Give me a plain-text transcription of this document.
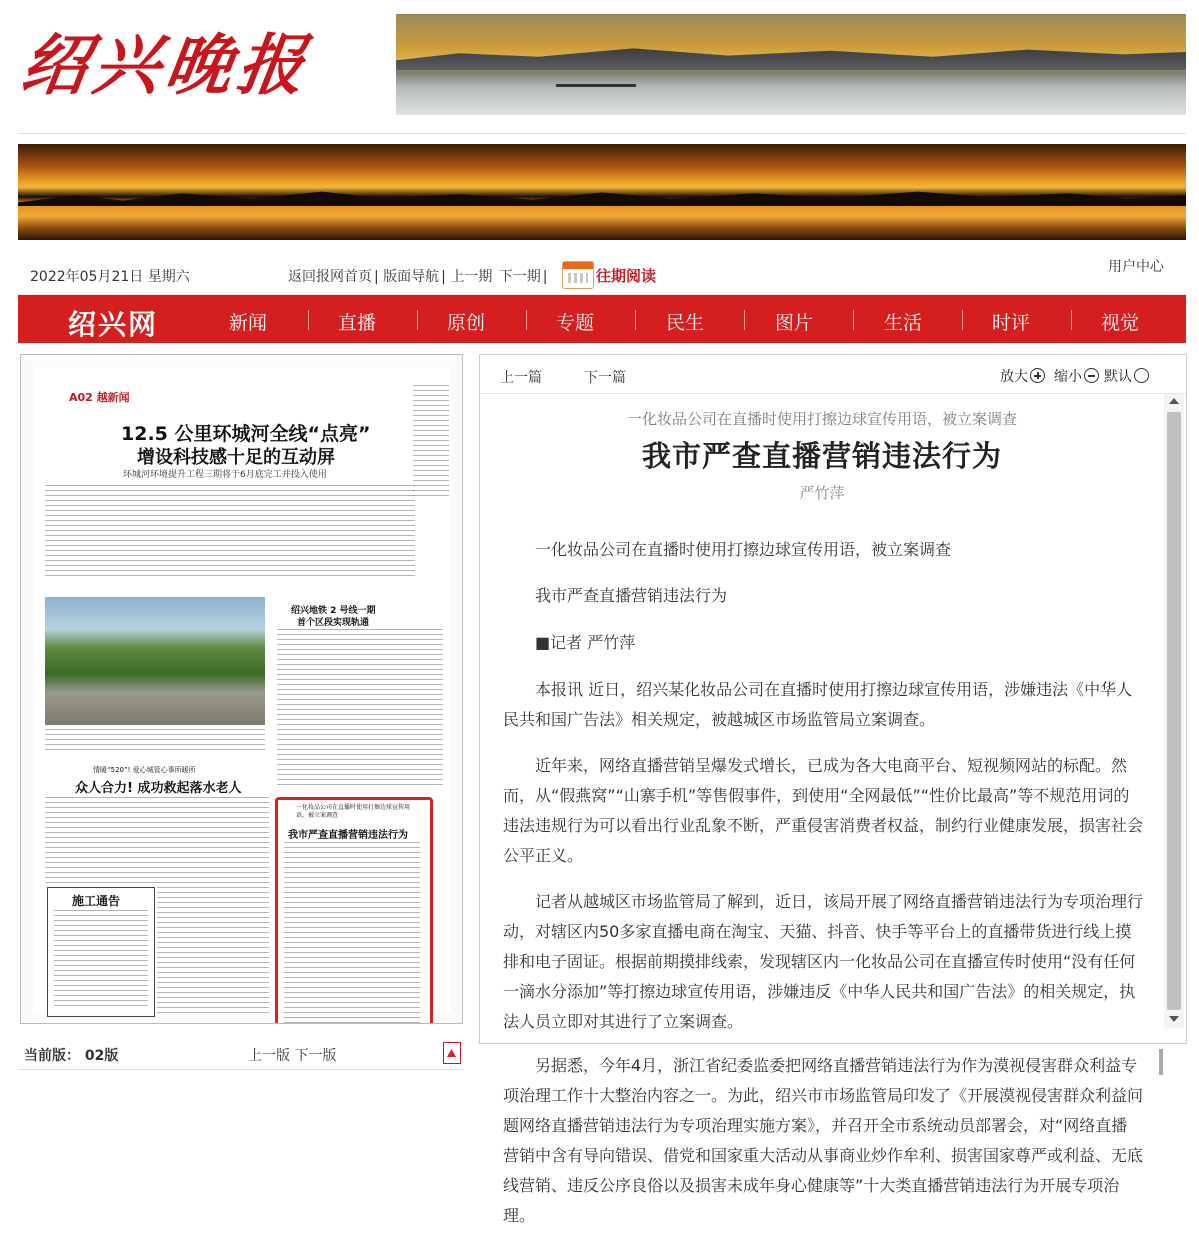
绍兴晚报
2022年05月21日 星期六	返回报网首页 | 版面导航 | 上一期 下一期 |	往期阅读	用户中心
绍兴网	新闻	直播	原创	专题	民生	图片	生活	时评	视觉
A02 越新闻
12.5 公里环城河全线“点亮”
增设科技感十足的互动屏
环城河环境提升工程三期将于6月底完工并投入使用
绍兴地铁 2 号线一期
首个区段实现轨通
情暖“520”! 爱心城管心事所暖所
众人合力! 成功救起落水老人
施工通告
一化妆品公司在直播时使用打擦边球宣传用语，被立案调查
我市严查直播营销违法行为
当前版： 02版	上一版 下一版
上一篇	下一篇	放大	缩小	默认
一化妆品公司在直播时使用打擦边球宣传用语，被立案调查
我市严查直播营销违法行为
严竹萍
一化妆品公司在直播时使用打擦边球宣传用语，被立案调查
我市严查直播营销违法行为
■记者 严竹萍
本报讯 近日，绍兴某化妆品公司在直播时使用打擦边球宣传用语，涉嫌违法《中华人民共和国广告法》相关规定，被越城区市场监管局立案调查。
近年来，网络直播营销呈爆发式增长，已成为各大电商平台、短视频网站的标配。然而，从“假燕窝”“山寨手机”等售假事件，到使用“全网最低”“性价比最高”等不规范用词的违法违规行为可以看出行业乱象不断，严重侵害消费者权益，制约行业健康发展，损害社会公平正义。
记者从越城区市场监管局了解到，近日，该局开展了网络直播营销违法行为专项治理行动，对辖区内50多家直播电商在淘宝、天猫、抖音、快手等平台上的直播带货进行线上摸排和电子固证。根据前期摸排线索，发现辖区内一化妆品公司在直播宣传时使用“没有任何一滴水分添加”等打擦边球宣传用语，涉嫌违反《中华人民共和国广告法》的相关规定，执法人员立即对其进行了立案调查。
另据悉，今年4月，浙江省纪委监委把网络直播营销违法行为作为漠视侵害群众利益专项治理工作十大整治内容之一。为此，绍兴市市场监管局印发了《开展漠视侵害群众利益问题网络直播营销违法行为专项治理实施方案》，并召开全市系统动员部署会，对“网络直播营销中含有导向错误、借党和国家重大活动从事商业炒作牟利、损害国家尊严或利益、无底线营销、违反公序良俗以及损害未成年身心健康等”十大类直播营销违法行为开展专项治理。
